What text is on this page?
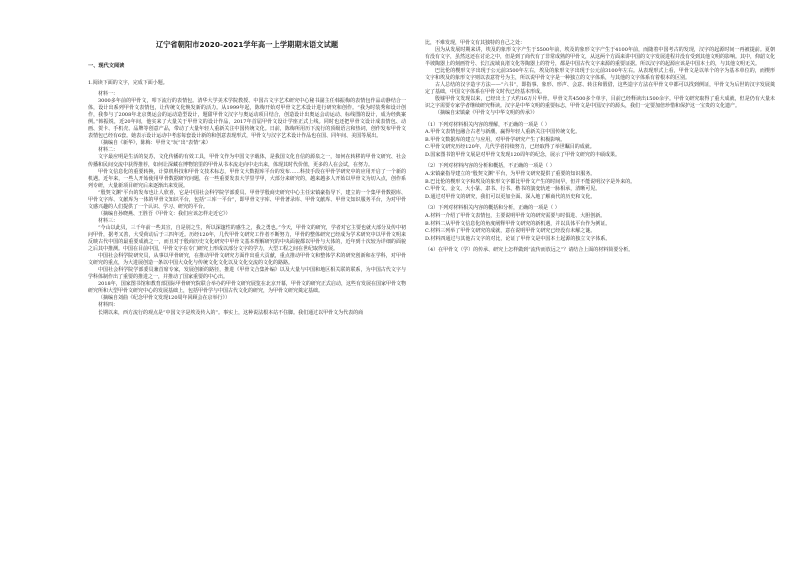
辽宁省朝阳市2020-2021学年高一上学期期末语文试题
一、现代文阅读

1.阅读下面的文字，完成下面小题。

材料一：

3000多年前的甲骨文，叩下流行的表情包。清华大学美术学院教授、中国古文字艺术研究中心秘书副主任韩振梅的表情包作品动静结合一体，设计出系列甲骨文表情包，让传统文化焕发新的活力。从1999年起，陈梅开始对甲骨文艺术设计进行研究和创作。“我为时装秀和设计创作，我参与了2008年北京奥运会的运动造型设计，题甜甲骨文汉字与奥运动项目结合，创造设计出奥运会动运动、标线图的设计，成为经典案例。”韩振锐，近20年间，他实来了大量关于甲骨文的设计作品，2017年首届甲骨文设计学座正式上线。同时也还把甲骨文设计成表情包、动画、贺卡、手机壳、品牌等创意产品，带动了大量年轻人重新关注中国传统文化。日前，陈梅所用历下流行的顶级语言和热词，创作发布甲骨文表情包已经有6套。她表示设计运动中考虑每套设计新的和创意表现形式，甲骨文与汉字艺术设计作品也在国、同年间、美国等展出。

（摘编自《新华》，陈梅：甲骨文“玩”出“表情”来）

材料二：

文字最应明是生活的复苏，文化传播的有效工具，甲骨文作为中国文字载体，是我国文化自信的源泉之一，如何在转移的甲骨文研究、社会传播和民间交流中获得推荐，如何让深藏在博物馆里的甲骨从书本流走向中走出来，体现其时代价值，更多的人在会试，在努力。

甲骨文信息化的重要转换，计算机科技和甲骨文技术标志，甲骨文大数据库平台的发布……科技手段在甲骨学研究中的应用开启了一个新的机遇。近年来，一些人开始使用甲骨数据研究问题，在一些重要发表大学里学甲，大部分来研究的，越来越多人开始以甲骨文为切入点，创作系列专研，大量新项目研究后来逐渐出来发展。

“殷契文渊”平台的发布也让人欣喜，它是中国社会科学院学部委员、甲骨学殷商史研究中心主任宋镇豪指导下，建立的一个集甲骨数据库、甲骨文字库、文献库为一体的甲骨文知识平台，包括“三库一平台”，即甲骨文字库、甲骨著录库、甲骨文献库、甲骨文知识服务平台，为对甲骨文感兴趣的人们提供了一个认识、学习、研究的平台。

（摘编自孙晓燕、王胜吾《甲骨文：我们应该怎样走近它》）

材料三：

“今山以此贝，三千年前一些其宣，自是别之生，所以深邃性的感生之，我之勇也。”今天，甲骨文的研究，学者对它主要也就大部分及传中初问甲骨，据考又善，大受荷动后于三四年近。历经120年，几代甲骨文研究工作者不断努力，甲骨的整体研究已经成为学术研究中以甲骨文明来反映古代中国的最重要成就之一，而且对于殷商历史文化研究中甲骨文基本理解研究的中央面貌都以甲骨与大体的，近年到十次较为详细的面貌之后其中推测。中国在目前中国，甲骨文字在专门研究上形成以部分文字的学力，大型工程之间在世纪取得发展。

中国社会科学院研究员，从事以甲骨研究，在推动甲骨文研究方面作出重大贡献，重点推动甲骨文和整体学术的研究创新和在学科，对甲骨文研究的重点，为大进展创造一条以中国大众化与传统文化文化以及文化交流的文化的路路。

中国社会科学院学部委员兼首席专家，发展创新的路径，推进《甲骨文合集补编》以及大量与中国和地区相关联的联系，为中国古代文字与学科体制作出了重要的推进之一，并推动了国家重要的中心出。

2018年，国家图书馆和教育部国际甲骨研究院联合举办的甲骨文研究展览在北京开幕，甲骨文的研究正式启动，这些有发展在国家甲骨文物研究所和大型甲骨文研究中心的发展基础上，包括甲骨学与中国古代文化的研究，为甲骨文研究奠定基础。

（摘编自刘曲《纪念甲骨文发现120周年回顾会在京举行》）

材料四：

长期以来，西方流行的观点是“中国文字是埃及传入的”。事实上，这种说法根本站不住脚。我们通过以甲骨文为代表的商

比，不难发现，甲骨文有其独特的自己之处：

因为从发展时期来讲，埃及的象形文字产生于5500年前，埃及的象形文字产生于4100年前，而随着中国考古的发现，汉字的起源时间一再被提前。夏朝有没有文字，虽然这还在讨论之中，但是到了商代有了非常成熟的甲骨文，从这两个方面来讲中国的文字发展进程并没有受到其他文明的影响。其中，仰韶文化半坡陶器上的刻画符号、长江流域良渚文化等陶器上的符号，都是中国古代文字来源的重要证据。所以汉字的起源应该是中国本土的，与其他文明无关。

巴比伦的楔形文字出现于公元前3500年左右，埃及的象形文字出现于公元前3100年左右。从表现形式上看，甲骨文是以单个的字为基本单位的，而楔形文字和埃及的象形文字则以表意符号为主，所以说甲骨文字是一种独立的文字体系，与其他的文字体系有着根本的区别。

古人总结的汉字造字方法——“六书”，即指事、象形、形声、会意、转注和假借，这些造字方法在甲骨文中都可以找到例证，甲骨文为后世的汉字发展奠定了基础，中国文字体系在甲骨文时代已经基本形成。

殷墟甲骨文发现以来，已经出土了大约16万片甲骨。甲骨文共4500多个单字，目前已经释读出1500余字。甲骨文研究取得了重大成就，但是仍有大量未识之字需要专家学者继续研究释读。汉字是中华文明的重要标志，甲骨文是中国汉字的源头，我们一定要加倍珍惜和保护这一宝贵的文化遗产。

（摘编自宋镇豪《甲骨文与中华文明的传承》）

（1）下列对材料相关内容的理解，不正确的一项是（ ）

A.甲骨文表情包融合古老与新潮，赢得年轻人重新关注中国传统文化。

B.甲骨文数据库的建立与应用，对甲骨学研究产生了积极影响。

C.甲骨文研究历经120年，几代学者持续努力，已经取得了举世瞩目的成就。

D.国家图书馆甲骨文展是对甲骨文发现120周年的纪念，展示了甲骨文研究的丰硕成果。

（2）下列对材料内容的分析和概括，不正确的一项是（ ）

A.宋镇豪指导建立的“殷契文渊”平台，为甲骨文研究提供了重要的知识服务。

B.巴比伦的楔形文字和埃及的象形文字都比甲骨文产生的时间早，但并不能说明汉字是外来的。

C.甲骨文、金文、大小篆、隶书、行书、楷书的演变轨迹一脉相承，清晰可见。

D.通过对甲骨文的研究，我们可以更加全面、深入地了解商代的历史和文化。

（3）下列对材料相关内容的概括和分析，正确的一项是（ ）

A.材料一介绍了甲骨文表情包，主要说明甲骨文的研究需要与时俱进、大胆创新。

B.材料二从甲骨文信息化的角度阐释甲骨文研究的新机遇，并以具体平台作为例证。

C.材料三列举了甲骨文研究的成就，意在说明甲骨文研究已经没有未解之谜。

D.材料四通过与其他古文字的对比，论证了甲骨文是中国本土起源的独立文字体系。

（4）在甲骨文（学）的传承、研究上怎样做到“流传而放远之”？请结合上面的材料简要分析。
